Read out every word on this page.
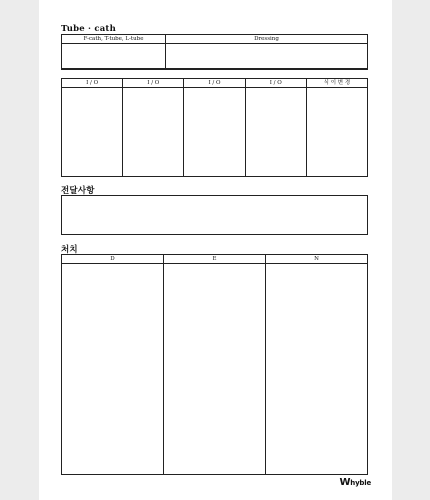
Tube · cath
F-cath, T-tube, L-tube	Dressing
I / O	I / O	I / O	I / O	식 이 변 경
전달사항
처치
D	E	N
Whyble
